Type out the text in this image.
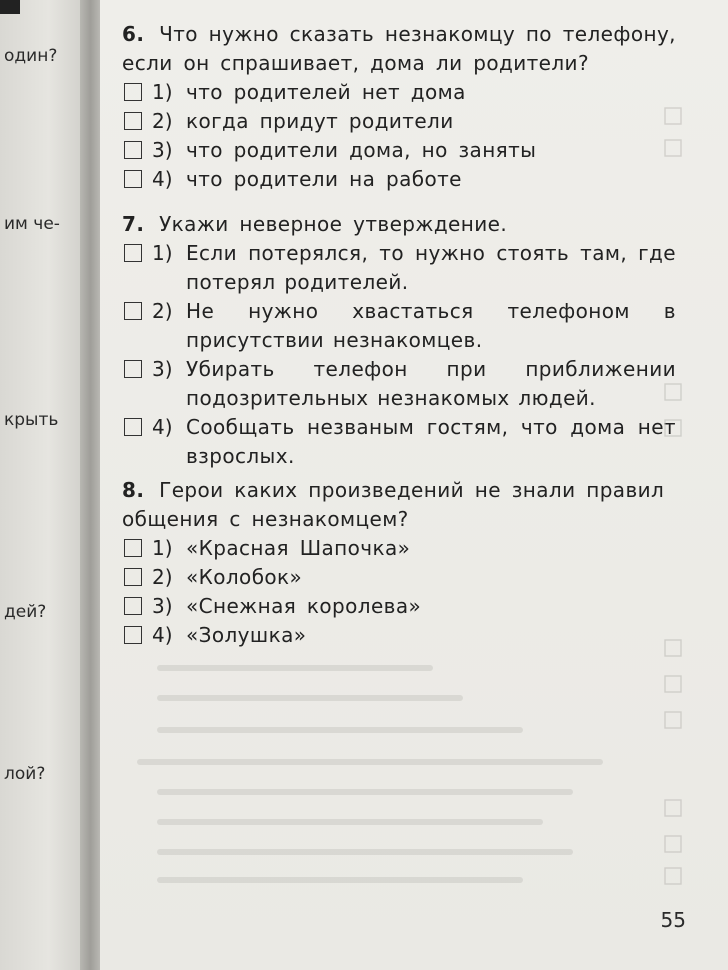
один?
им че-
крыть
дей?
лой?

6. Что нужно сказать незнакомцу по телефону, если он спрашивает, дома ли родители?

1) что родителей нет дома
2) когда придут родители
3) что родители дома, но заняты
4) что родители на работе

7. Укажи неверное утверждение.

1) Если потерялся, то нужно стоять там, где потерял родителей.
2) Не нужно хвастаться телефоном в присутствии незнакомцев.
3) Убирать телефон при приближении подозрительных незнакомых людей.
4) Сообщать незваным гостям, что дома нет взрослых.

8. Герои каких произведений не знали правил общения с незнакомцем?

1) «Красная Шапочка»
2) «Колобок»
3) «Снежная королева»
4) «Золушка»
55
